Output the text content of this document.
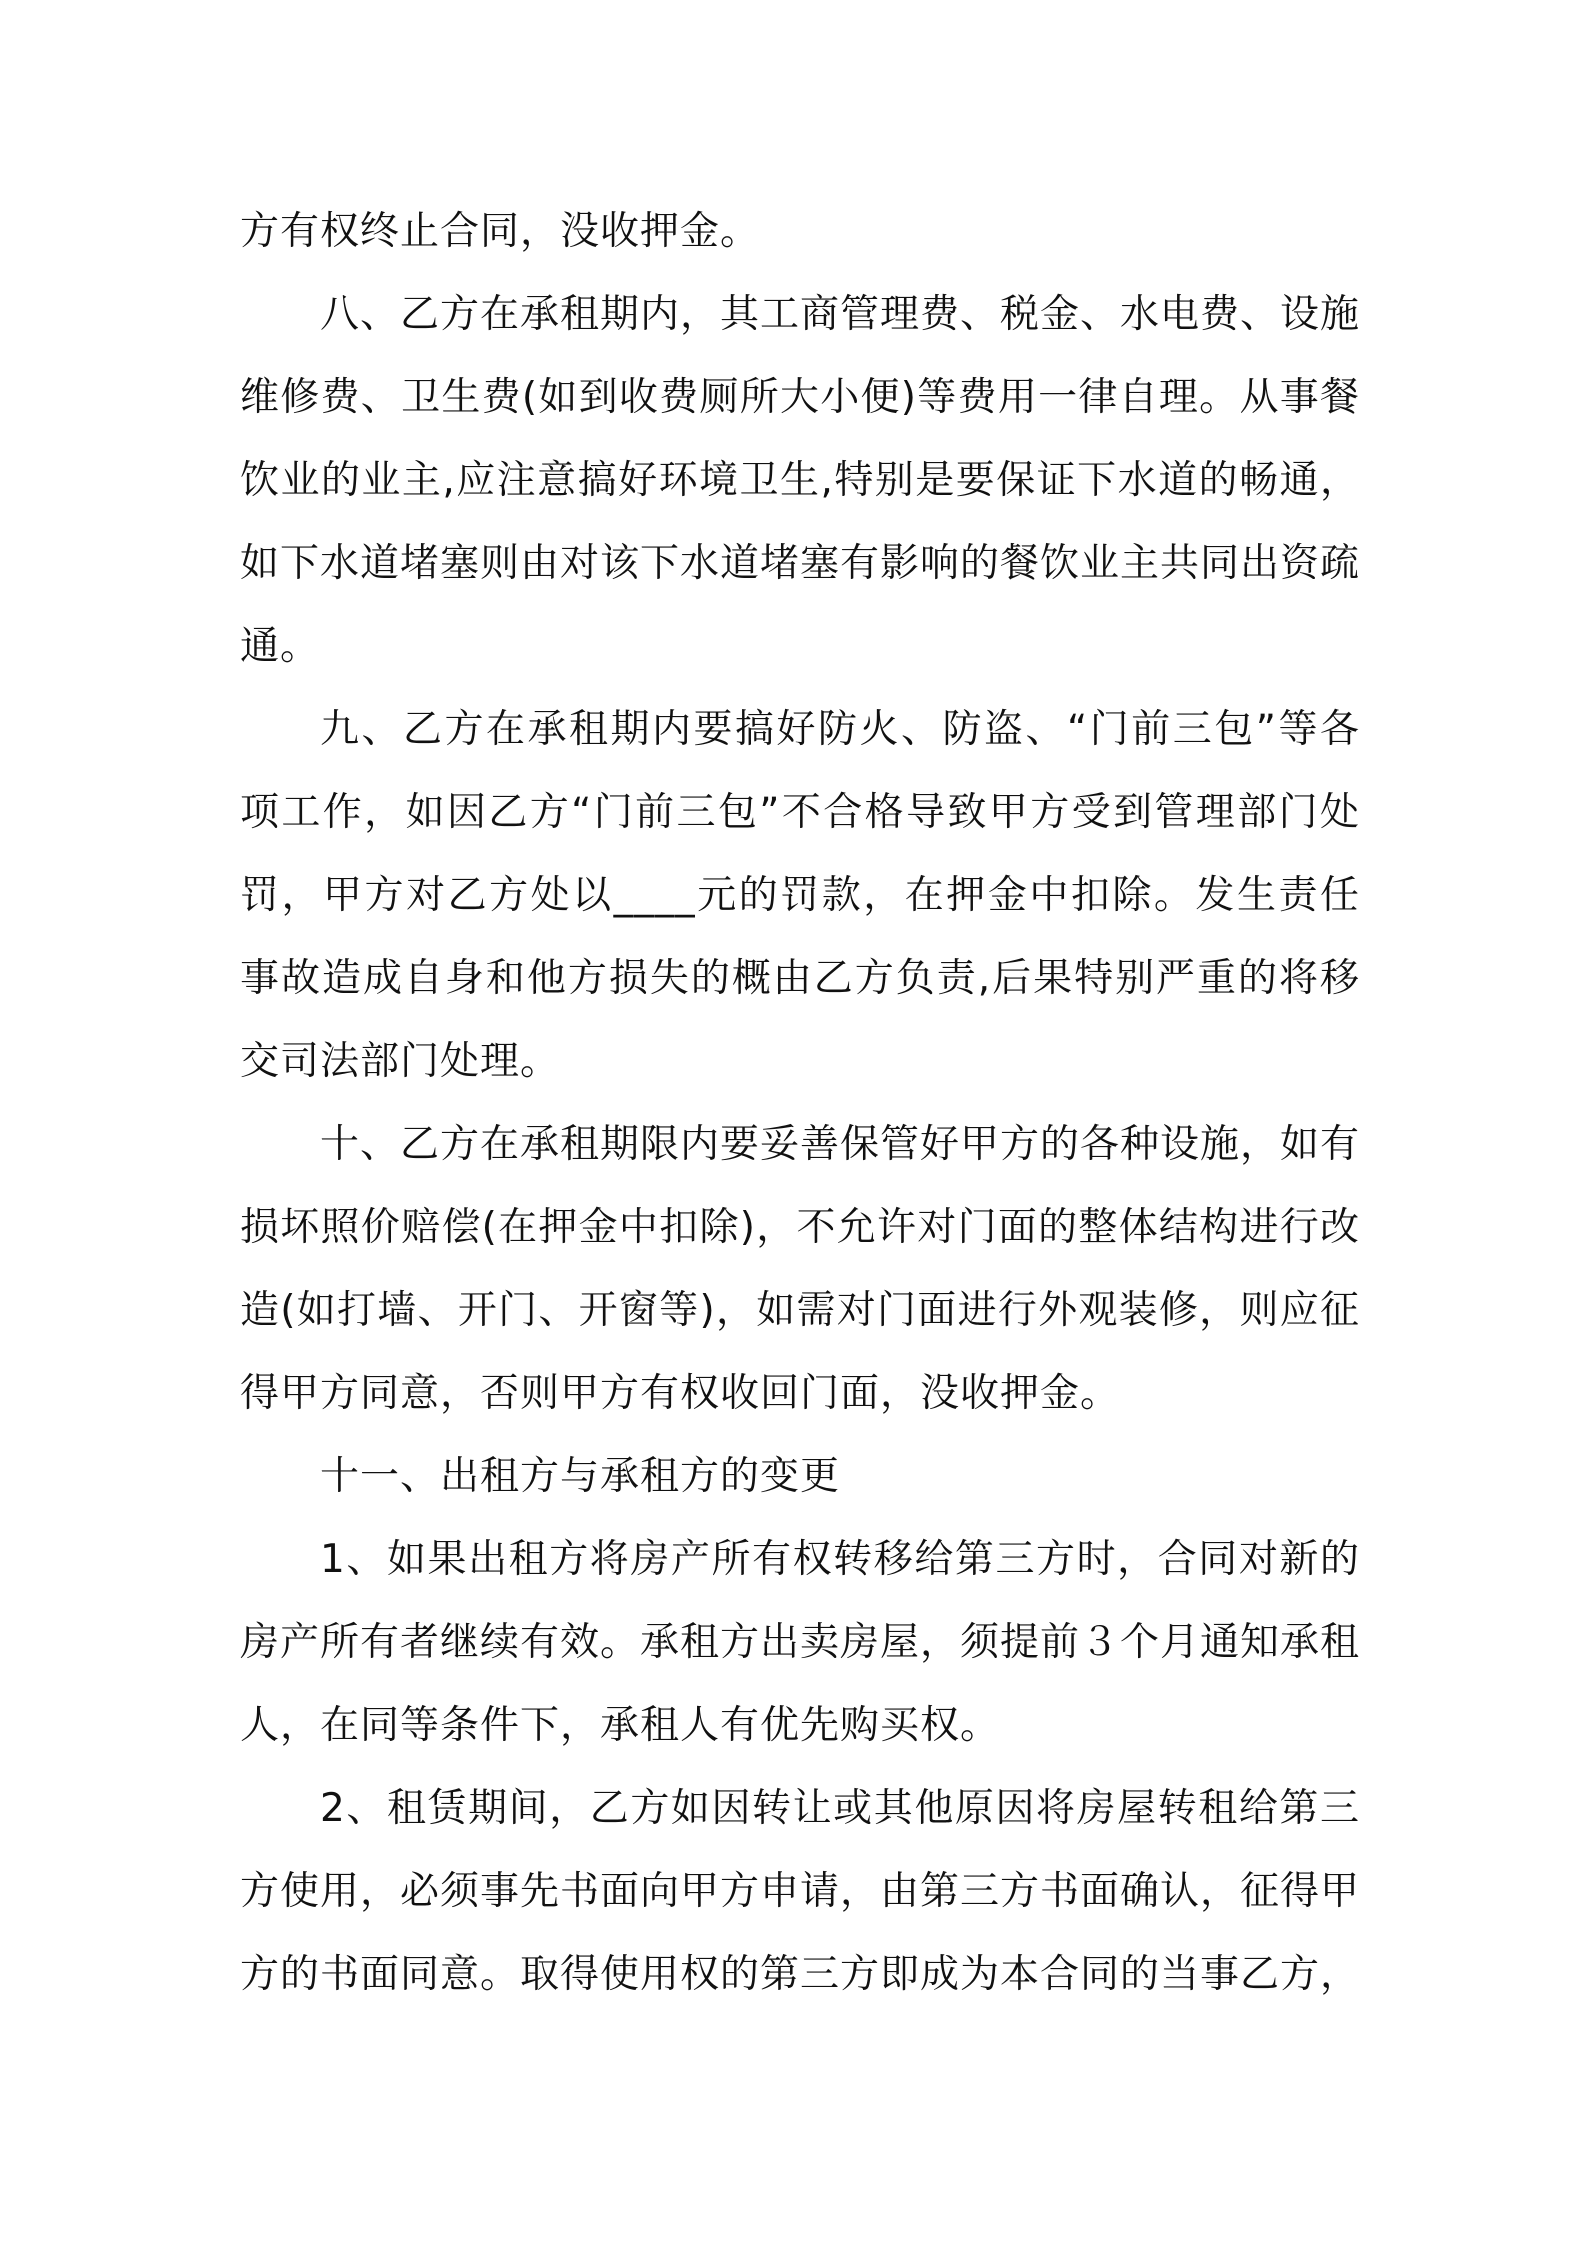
方有权终止合同，没收押金。

八、乙方在承租期内，其工商管理费、税金、水电费、设施维修费、卫生费(如到收费厕所大小便)等费用一律自理。从事餐饮业的业主,应注意搞好环境卫生,特别是要保证下水道的畅通，如下水道堵塞则由对该下水道堵塞有影响的餐饮业主共同出资疏通。

九、乙方在承租期内要搞好防火、防盗、“门前三包”等各项工作，如因乙方“门前三包”不合格导致甲方受到管理部门处罚，甲方对乙方处以____元的罚款，在押金中扣除。发生责任事故造成自身和他方损失的概由乙方负责,后果特别严重的将移交司法部门处理。

十、乙方在承租期限内要妥善保管好甲方的各种设施，如有损坏照价赔偿(在押金中扣除)，不允许对门面的整体结构进行改造(如打墙、开门、开窗等)，如需对门面进行外观装修，则应征得甲方同意，否则甲方有权收回门面，没收押金。

十一、出租方与承租方的变更

1、如果出租方将房产所有权转移给第三方时，合同对新的房产所有者继续有效。承租方出卖房屋，须提前３个月通知承租人，在同等条件下，承租人有优先购买权。

2、租赁期间，乙方如因转让或其他原因将房屋转租给第三方使用，必须事先书面向甲方申请，由第三方书面确认，征得甲方的书面同意。取得使用权的第三方即成为本合同的当事乙方，
